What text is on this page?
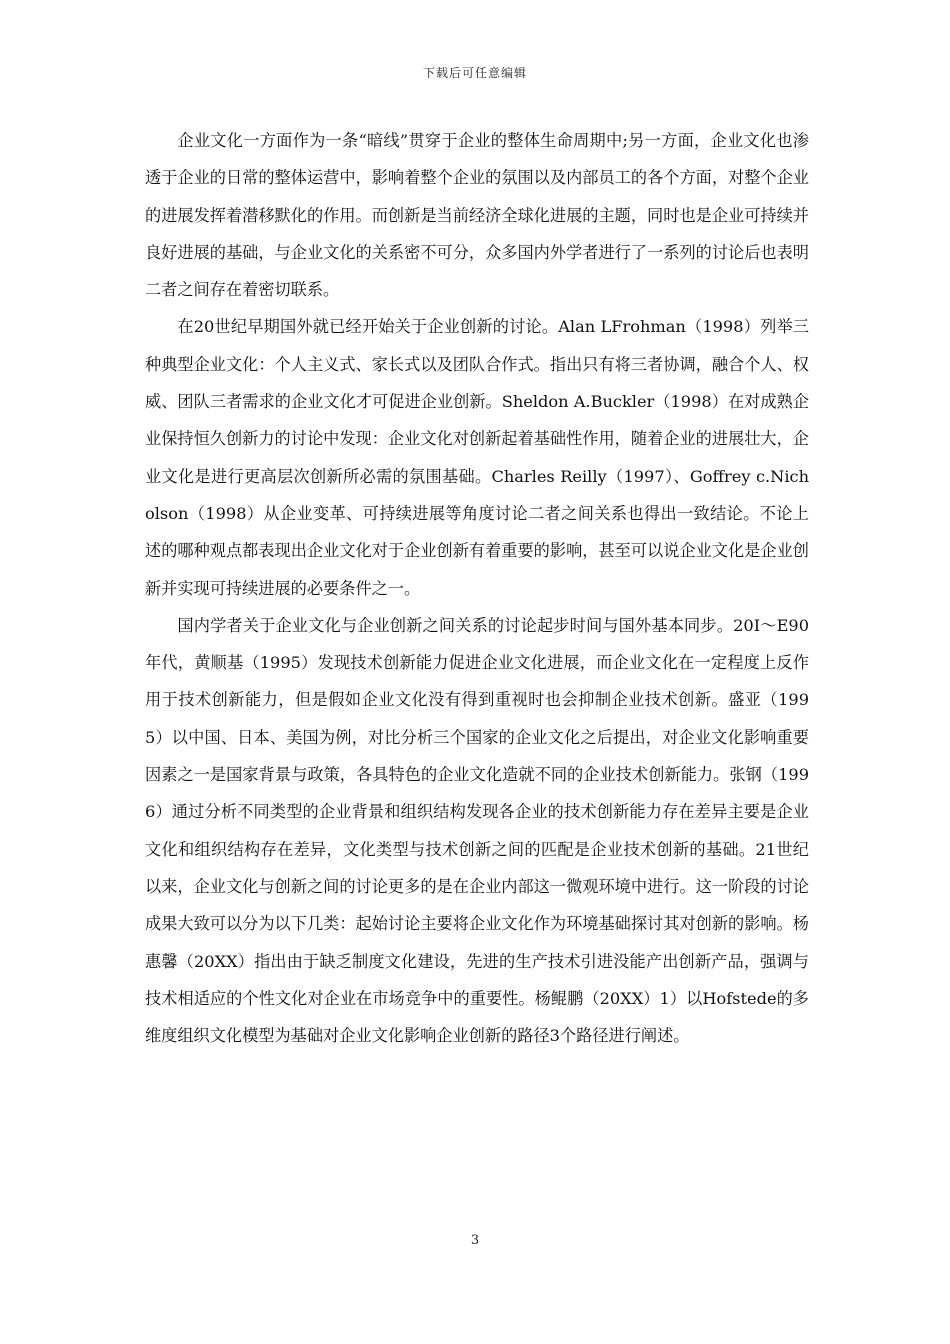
下载后可任意编辑

企业文化一方面作为一条“暗线”贯穿于企业的整体生命周期中;另一方面，企业文化也渗透于企业的日常的整体运营中，影响着整个企业的氛围以及内部员工的各个方面，对整个企业的进展发挥着潜移默化的作用。而创新是当前经济全球化进展的主题，同时也是企业可持续并良好进展的基础，与企业文化的关系密不可分，众多国内外学者进行了一系列的讨论后也表明二者之间存在着密切联系。

在20世纪早期国外就已经开始关于企业创新的讨论。Alan LFrohman（1998）列举三种典型企业文化：个人主义式、家长式以及团队合作式。指出只有将三者协调，融合个人、权威、团队三者需求的企业文化才可促进企业创新。Sheldon A.Buckler（1998）在对成熟企业保持恒久创新力的讨论中发现：企业文化对创新起着基础性作用，随着企业的进展壮大，企业文化是进行更高层次创新所必需的氛围基础。Charles Reilly（1997）、Goffrey c.Nicholson（1998）从企业变革、可持续进展等角度讨论二者之间关系也得出一致结论。不论上述的哪种观点都表现出企业文化对于企业创新有着重要的影响，甚至可以说企业文化是企业创新并实现可持续进展的必要条件之一。

国内学者关于企业文化与企业创新之间关系的讨论起步时间与国外基本同步。20I～E90年代，黄顺基（1995）发现技术创新能力促进企业文化进展，而企业文化在一定程度上反作用于技术创新能力，但是假如企业文化没有得到重视时也会抑制企业技术创新。盛亚（1995）以中国、日本、美国为例，对比分析三个国家的企业文化之后提出，对企业文化影响重要因素之一是国家背景与政策，各具特色的企业文化造就不同的企业技术创新能力。张钢（1996）通过分析不同类型的企业背景和组织结构发现各企业的技术创新能力存在差异主要是企业文化和组织结构存在差异，文化类型与技术创新之间的匹配是企业技术创新的基础。21世纪以来，企业文化与创新之间的讨论更多的是在企业内部这一微观环境中进行。这一阶段的讨论成果大致可以分为以下几类：起始讨论主要将企业文化作为环境基础探讨其对创新的影响。杨惠馨（20XX）指出由于缺乏制度文化建设，先进的生产技术引进没能产出创新产品，强调与技术相适应的个性文化对企业在市场竞争中的重要性。杨鲲鹏（20XX）1）以Hofstede的多维度组织文化模型为基础对企业文化影响企业创新的路径3个路径进行阐述。

3
